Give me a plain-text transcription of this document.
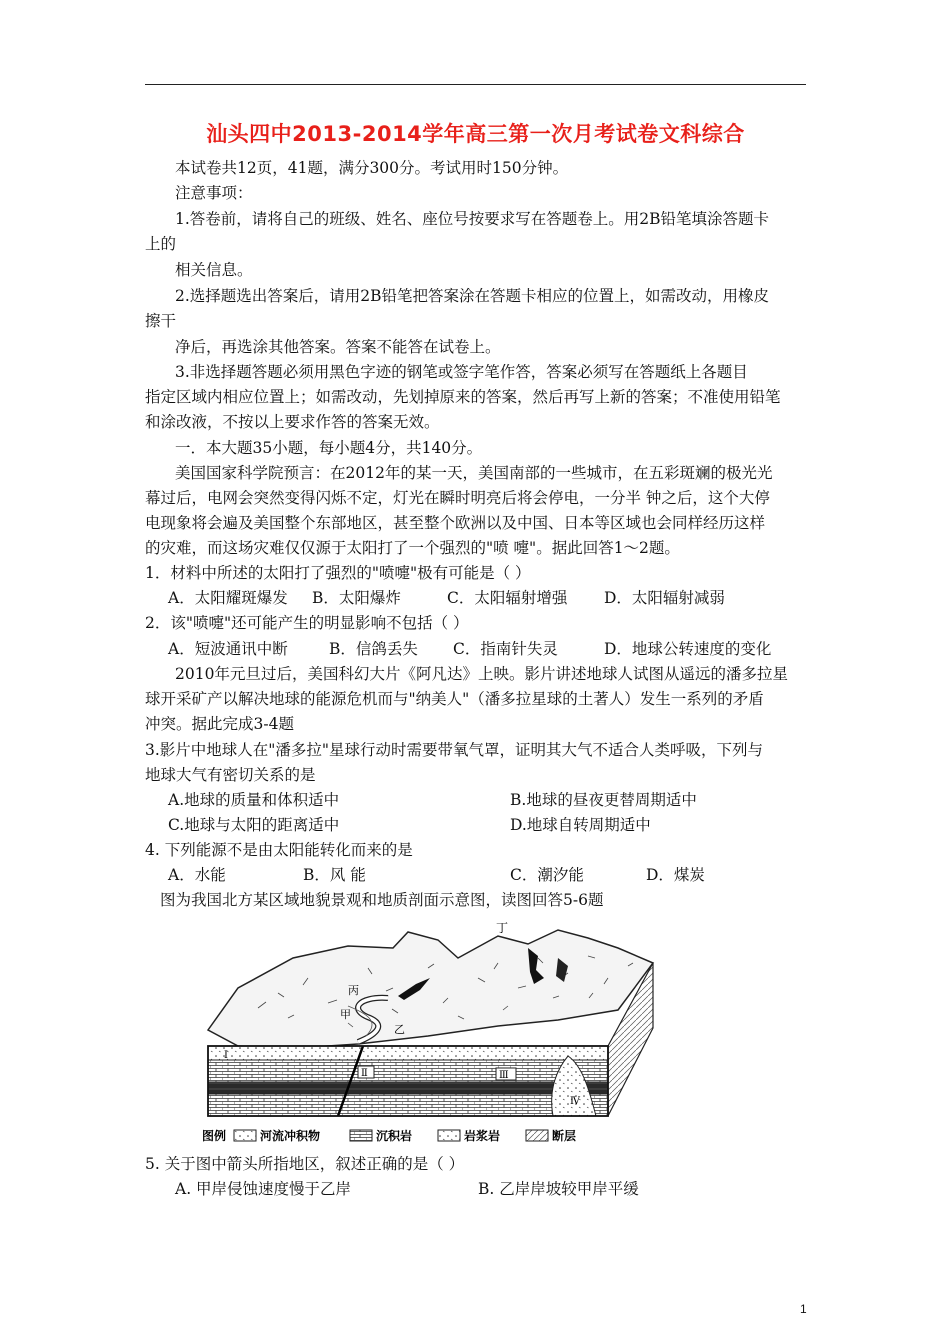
汕头四中2013-2014学年高三第一次月考试卷文科综合
本试卷共12页，41题，满分300分。考试用时150分钟。
注意事项：
1.答卷前，请将自己的班级、姓名、座位号按要求写在答题卷上。用2B铅笔填涂答题卡
上的
相关信息。
2.选择题选出答案后，请用2B铅笔把答案涂在答题卡相应的位置上，如需改动，用橡皮
擦干
净后，再选涂其他答案。答案不能答在试卷上。
3.非选择题答题必须用黑色字迹的钢笔或签字笔作答，答案必须写在答题纸上各题目
指定区域内相应位置上；如需改动，先划掉原来的答案，然后再写上新的答案；不准使用铅笔
和涂改液，不按以上要求作答的答案无效。
一．本大题35小题，每小题4分，共140分。
美国国家科学院预言：在2012年的某一天，美国南部的一些城市，在五彩斑斓的极光光
幕过后，电网会突然变得闪烁不定，灯光在瞬时明亮后将会停电，一分半 钟之后，这个大停
电现象将会遍及美国整个东部地区，甚至整个欧洲以及中国、日本等区域也会同样经历这样
的灾难，而这场灾难仅仅源于太阳打了一个强烈的"喷 嚏"。据此回答1～2题。
1．材料中所述的太阳打了强烈的"喷嚏"极有可能是（ ）
A．太阳耀斑爆发 B．太阳爆炸	C．太阳辐射增强 D．太阳辐射减弱
2．该"喷嚏"还可能产生的明显影响不包括（ ）
A．短波通讯中断	B．信鸽丢失 C．指南针失灵	D．地球公转速度的变化
2010年元旦过后，美国科幻大片《阿凡达》上映。影片讲述地球人试图从遥远的潘多拉星
球开采矿产以解决地球的能源危机而与"纳美人"（潘多拉星球的土著人）发生一系列的矛盾
冲突。据此完成3-4题
3.影片中地球人在"潘多拉"星球行动时需要带氧气罩，证明其大气不适合人类呼吸，下列与
地球大气有密切关系的是
A.地球的质量和体积适中	B.地球的昼夜更替周期适中
C.地球与太阳的距离适中	D.地球自转周期适中
4. 下列能源不是由太阳能转化而来的是
A．水能	B．风 能	C．潮汐能	D．煤炭
图为我国北方某区域地貌景观和地质剖面示意图，读图回答5-6题
丁
丙
甲
乙
Ⅰ
Ⅱ	Ⅲ
Ⅳ
图例	河流冲积物	沉积岩	岩浆岩	断层
5. 关于图中箭头所指地区，叙述正确的是（ ）
A. 甲岸侵蚀速度慢于乙岸	B. 乙岸岸坡较甲岸平缓
1
